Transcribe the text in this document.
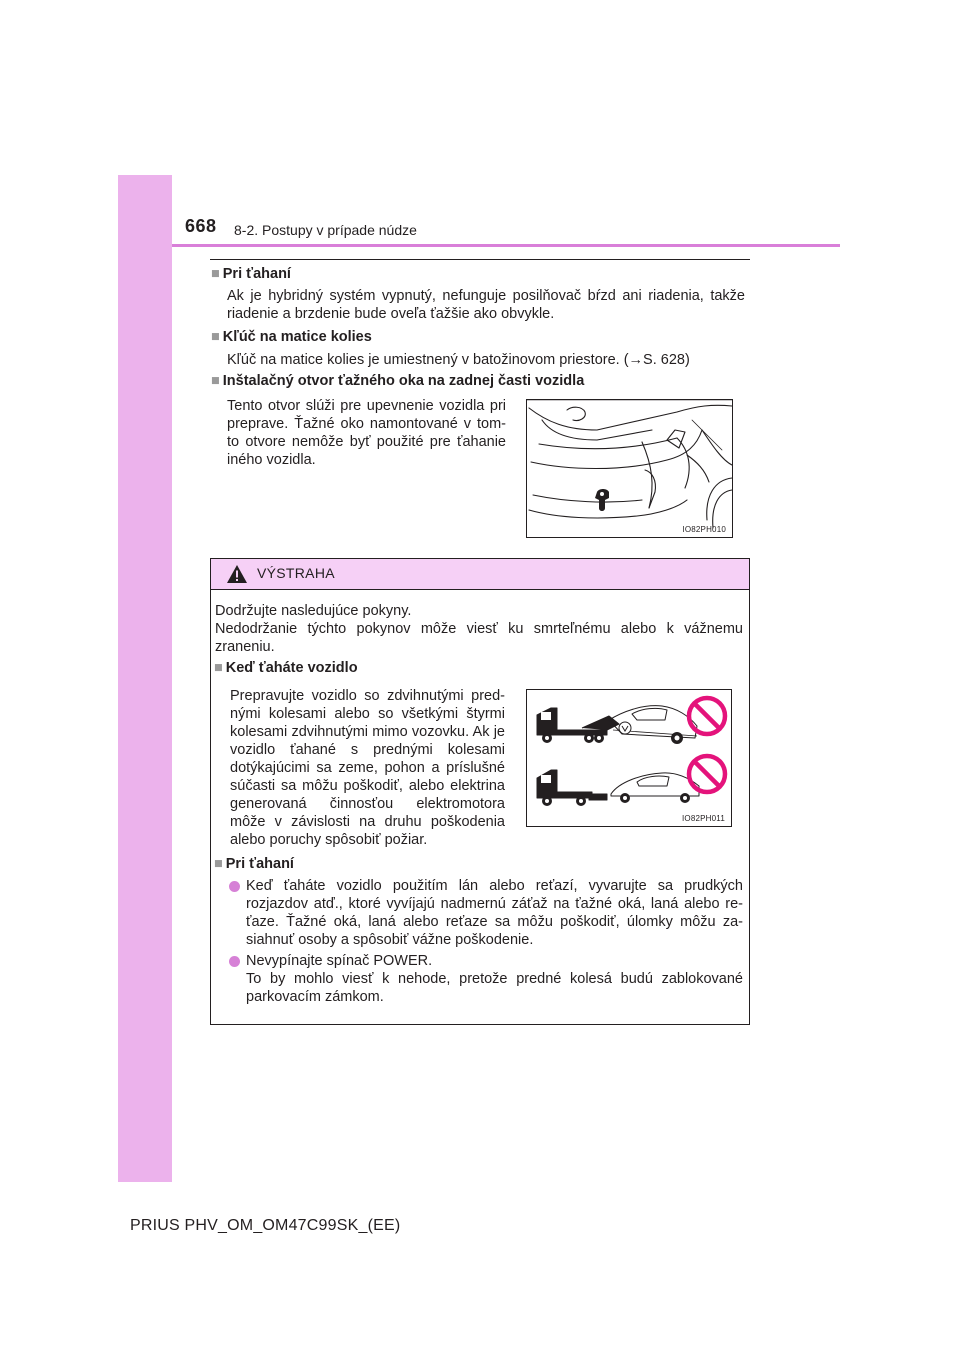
668 8-2. Postupy v prípade núdze
■ Pri ťahaní
Ak je hybridný systém vypnutý, nefunguje posilňovač bŕzd ani riadenia, takže riadenie a brzdenie bude oveľa ťažšie ako obvykle.
■ Kľúč na matice kolies
Kľúč na matice kolies je umiestnený v batožinovom priestore. (→S. 628)
■ Inštalačný otvor ťažného oka na zadnej časti vozidla
Tento otvor slúži pre upevnenie vozidla pri preprave. Ťažné oko namontované v tom-to otvore nemôže byť použité pre ťahanie iného vozidla.
IO82PH010
VÝSTRAHA
Dodržujte nasledujúce pokyny.
Nedodržanie týchto pokynov môže viesť ku smrteľnému alebo k vážnemu zraneniu.
■ Keď ťaháte vozidlo
Prepravujte vozidlo so zdvihnutými pred-nými kolesami alebo so všetkými štyrmi kolesami zdvihnutými mimo vozovku. Ak je vozidlo ťahané s prednými kolesami dotýkajúcimi sa zeme, pohon a príslušné súčasti sa môžu poškodiť, alebo elektrina generovaná činnosťou elektromotora môže v závislosti na druhu poškodenia alebo poruchy spôsobiť požiar.
IO82PH011
■ Pri ťahaní
Keď ťaháte vozidlo použitím lán alebo reťazí, vyvarujte sa prudkých rozjazdov atď., ktoré vyvíjajú nadmernú záťaž na ťažné oká, laná alebo re-ťaze. Ťažné oká, laná alebo reťaze sa môžu poškodiť, úlomky môžu za-siahnuť osoby a spôsobiť vážne poškodenie.
Nevypínajte spínač POWER.
To by mohlo viesť k nehode, pretože predné kolesá budú zablokované parkovacím zámkom.
PRIUS PHV_OM_OM47C99SK_(EE)
